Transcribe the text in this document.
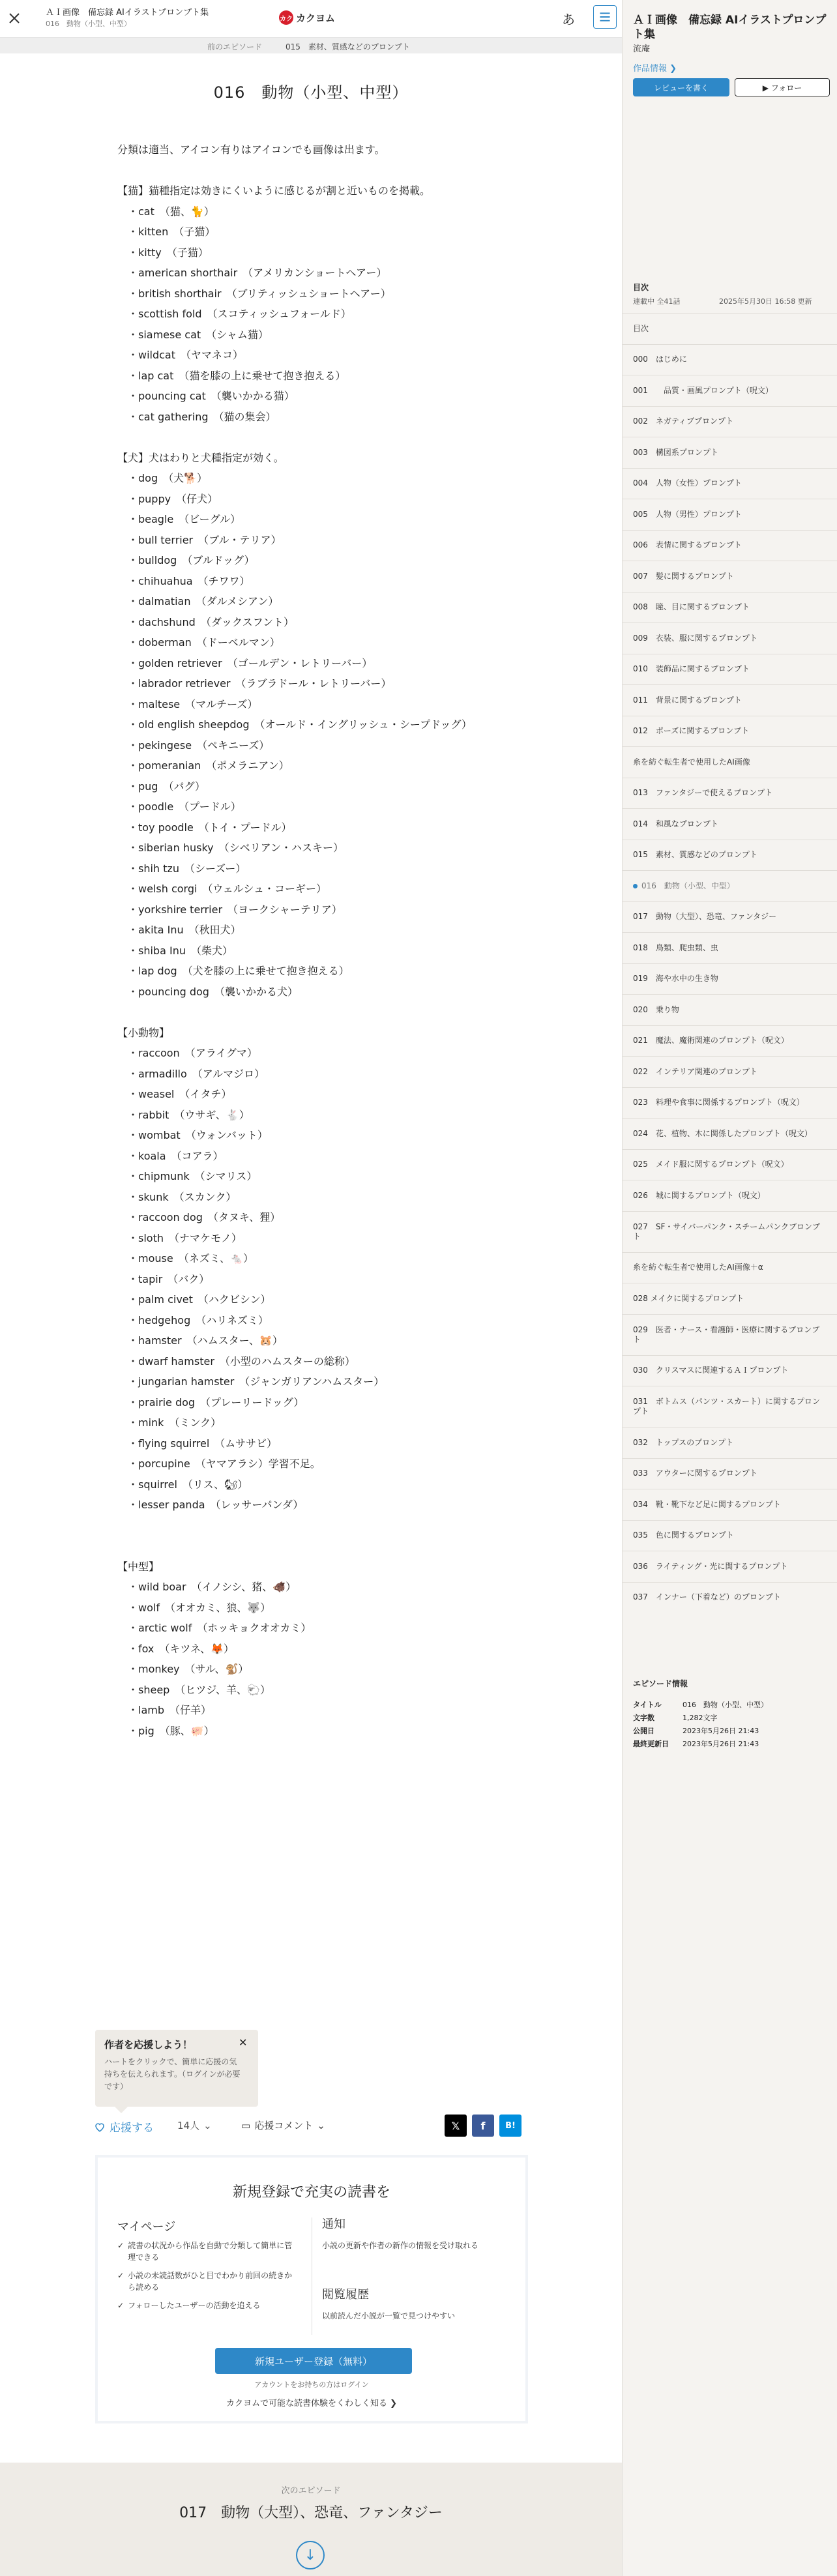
ＡＩ画像　備忘録 AIイラストプロンプト集
016　動物（小型、中型）
カク カクヨム	あ
前のエピソード	015　素材、質感などのプロンプト
016　動物（小型、中型）
分類は適当、アイコン有りはアイコンでも画像は出ます。

【猫】猫種指定は効きにくいように感じるが割と近いものを掲載。
　・cat　（猫、🐈）
　・kitten　（子猫）
　・kitty　（子猫）
　・american shorthair　（アメリカンショートヘアー）
　・british shorthair　（ブリティッシュショートヘアー）
　・scottish fold　（スコティッシュフォールド）
　・siamese cat　（シャム猫）
　・wildcat　（ヤマネコ）
　・lap cat　（猫を膝の上に乗せて抱き抱える）
　・pouncing cat　（襲いかかる猫）
　・cat gathering　（猫の集会）

【犬】犬はわりと犬種指定が効く。
　・dog　（犬🐕）
　・puppy　（仔犬）
　・beagle　（ビーグル）
　・bull terrier　（ブル・テリア）
　・bulldog　（ブルドッグ）
　・chihuahua　（チワワ）
　・dalmatian　（ダルメシアン）
　・dachshund　（ダックスフント）
　・doberman　（ドーベルマン）
　・golden retriever　（ゴールデン・レトリーバー）
　・labrador retriever　（ラブラドール・レトリーバー）
　・maltese　（マルチーズ）
　・old english sheepdog　（オールド・イングリッシュ・シープドッグ）
　・pekingese　（ペキニーズ）
　・pomeranian　（ポメラニアン）
　・pug　（パグ）
　・poodle　（プードル）
　・toy poodle　（トイ・プードル）
　・siberian husky　（シベリアン・ハスキー）
　・shih tzu　（シーズー）
　・welsh corgi　（ウェルシュ・コーギー）
　・yorkshire terrier　（ヨークシャーテリア）
　・akita Inu　（秋田犬）
　・shiba Inu　（柴犬）
　・lap dog　（犬を膝の上に乗せて抱き抱える）
　・pouncing dog　（襲いかかる犬）

【小動物】
　・raccoon　（アライグマ）
　・armadillo　（アルマジロ）
　・weasel　（イタチ）
　・rabbit　（ウサギ、🐇）
　・wombat　（ウォンバット）
　・koala　（コアラ）
　・chipmunk　（シマリス）
　・skunk　（スカンク）
　・raccoon dog　（タヌキ、狸）
　・sloth　（ナマケモノ）
　・mouse　（ネズミ、🐁）
　・tapir　（バク）
　・palm civet　（ハクビシン）
　・hedgehog　（ハリネズミ）
　・hamster　（ハムスター、🐹）
　・dwarf hamster　（小型のハムスターの総称）
　・jungarian hamster　（ジャンガリアンハムスター）
　・prairie dog　（プレーリードッグ）
　・mink　（ミンク）
　・flying squirrel　（ムササビ）
　・porcupine　（ヤマアラシ）学習不足。
　・squirrel　（リス、🐿）
　・lesser panda　（レッサーパンダ）

【中型】
　・wild boar　（イノシシ、猪、🐗）
　・wolf　（オオカミ、狼、🐺）
　・arctic wolf　（ホッキョクオオカミ）
　・fox　（キツネ、🦊）
　・monkey　（サル、🐒）
　・sheep　（ヒツジ、羊、🐑）
　・lamb　（仔羊）
　・pig　（豚、🐖）
ＡＩ画像　備忘録 AIイラストプロンプト集
流庵
作品情報 ❯
レビューを書く	▶ フォロー
目次
連載中 全41話	2025年5月30日 16:58 更新
目次
000　はじめに
001　　品質・画風プロンプト（呪文）
002　ネガティブプロンプト
003　構図系プロンプト
004　人物（女性）プロンプト
005　人物（男性）プロンプト
006　表情に関するプロンプト
007　髪に関するプロンプト
008　瞳、目に関するプロンプト
009　衣装、服に関するプロンプト
010　装飾品に関するプロンプト
011　背景に関するプロンプト
012　ポーズに関するプロンプト
糸を紡ぐ転生者で使用したAI画像
013　ファンタジーで使えるプロンプト
014　和風なプロンプト
015　素材、質感などのプロンプト
016　動物（小型、中型）
017　動物（大型）、恐竜、ファンタジー
018　鳥類、爬虫類、虫
019　海や水中の生き物
020　乗り物
021　魔法、魔術関連のプロンプト（呪文）
022　インテリア関連のプロンプト
023　料理や食事に関係するプロンプト（呪文）
024　花、植物、木に関係したプロンプト（呪文）
025　メイド服に関するプロンプト（呪文）
026　城に関するプロンプト（呪文）
027　SF・サイバーパンク・スチームパンクプロンプト
糸を紡ぐ転生者で使用したAI画像＋α
028 メイクに関するプロンプト
029　医者・ナース・看護師・医療に関するプロンプト
030　クリスマスに関連するＡＩプロンプト
031　ボトムス（パンツ・スカート）に関するプロンプト
032　トップスのプロンプト
033　アウターに関するプロンプト
034　靴・靴下など足に関するプロンプト
035　色に関するプロンプト
036　ライティング・光に関するプロンプト
037　インナー（下着など）のプロンプト
エピソード情報
タイトル	016　動物（小型、中型）
文字数	1,282文字
公開日	2023年5月26日 21:43
最終更新日	2023年5月26日 21:43
作者を応援しよう！	✕
ハートをクリックで、簡単に応援の気持ちを伝えられます。（ログインが必要です）
応援する 14人 ⌄	▭ 応援コメント ⌄	𝕏	f	B!
新規登録で充実の読書を
マイページ
✓ 読書の状況から作品を自動で分類して簡単に管理できる
✓ 小説の未読話数がひと目でわかり前回の続きから読める
✓ フォローしたユーザーの活動を追える
通知
小説の更新や作者の新作の情報を受け取れる
閲覧履歴
以前読んだ小説が一覧で見つけやすい
新規ユーザー登録（無料）
アカウントをお持ちの方はログイン
カクヨムで可能な読書体験をくわしく知る ❯
次のエピソード
017　動物（大型）、恐竜、ファンタジー
↓
